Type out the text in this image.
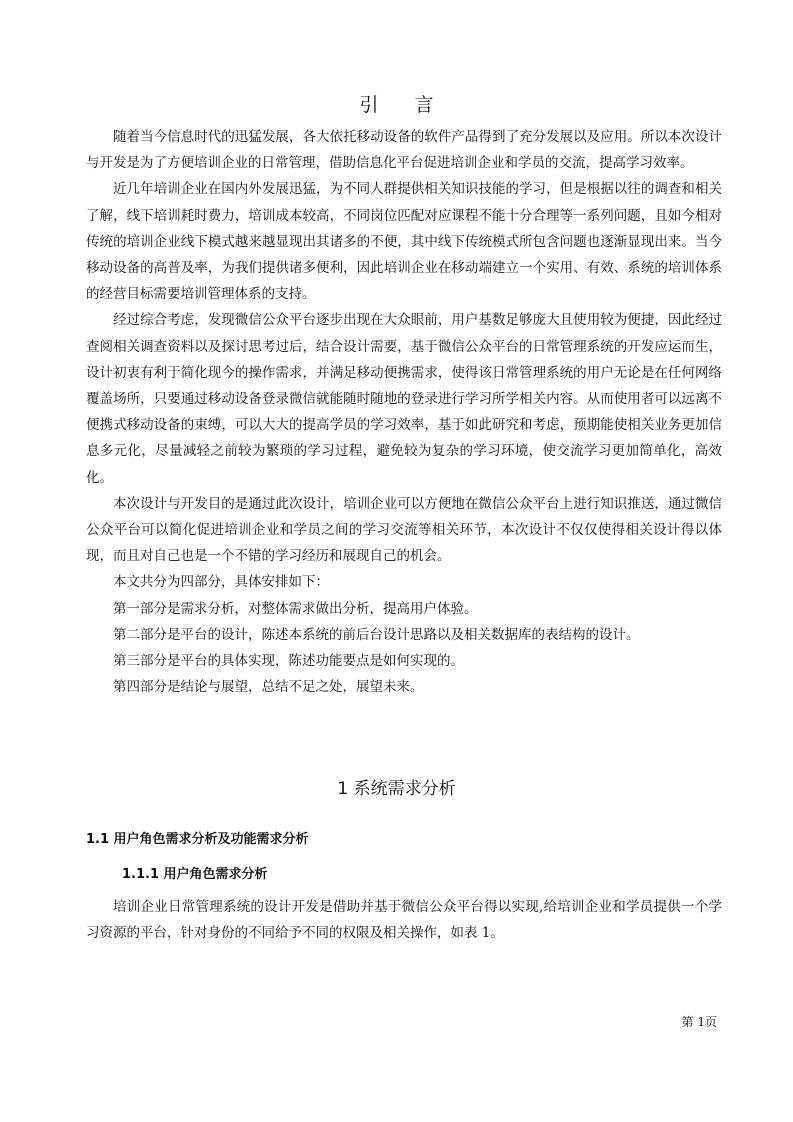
引 言

随着当今信息时代的迅猛发展，各大依托移动设备的软件产品得到了充分发展以及应用。所以本次设计与开发是为了方便培训企业的日常管理，借助信息化平台促进培训企业和学员的交流，提高学习效率。

近几年培训企业在国内外发展迅猛，为不同人群提供相关知识技能的学习，但是根据以往的调查和相关了解，线下培训耗时费力，培训成本较高，不同岗位匹配对应课程不能十分合理等一系列问题，且如今相对传统的培训企业线下模式越来越显现出其诸多的不便，其中线下传统模式所包含问题也逐渐显现出来。当今移动设备的高普及率，为我们提供诸多便利，因此培训企业在移动端建立一个实用、有效、系统的培训体系的经营目标需要培训管理体系的支持。

经过综合考虑，发现微信公众平台逐步出现在大众眼前，用户基数足够庞大且使用较为便捷，因此经过查阅相关调查资料以及探讨思考过后，结合设计需要，基于微信公众平台的日常管理系统的开发应运而生，设计初衷有利于简化现今的操作需求，并满足移动便携需求，使得该日常管理系统的用户无论是在任何网络覆盖场所，只要通过移动设备登录微信就能随时随地的登录进行学习所学相关内容。从而使用者可以远离不便携式移动设备的束缚，可以大大的提高学员的学习效率，基于如此研究和考虑，预期能使相关业务更加信息多元化，尽量减轻之前较为繁琐的学习过程，避免较为复杂的学习环境，使交流学习更加简单化，高效化。

本次设计与开发目的是通过此次设计，培训企业可以方便地在微信公众平台上进行知识推送，通过微信公众平台可以简化促进培训企业和学员之间的学习交流等相关环节，本次设计不仅仅使得相关设计得以体现，而且对自己也是一个不错的学习经历和展现自己的机会。

本文共分为四部分，具体安排如下：

第一部分是需求分析，对整体需求做出分析，提高用户体验。

第二部分是平台的设计，陈述本系统的前后台设计思路以及相关数据库的表结构的设计。

第三部分是平台的具体实现，陈述功能要点是如何实现的。

第四部分是结论与展望，总结不足之处，展望未来。

1 系统需求分析
1.1 用户角色需求分析及功能需求分析
1.1.1 用户角色需求分析

培训企业日常管理系统的设计开发是借助并基于微信公众平台得以实现,给培训企业和学员提供一个学习资源的平台，针对身份的不同给予不同的权限及相关操作，如表 1。

第 1页
